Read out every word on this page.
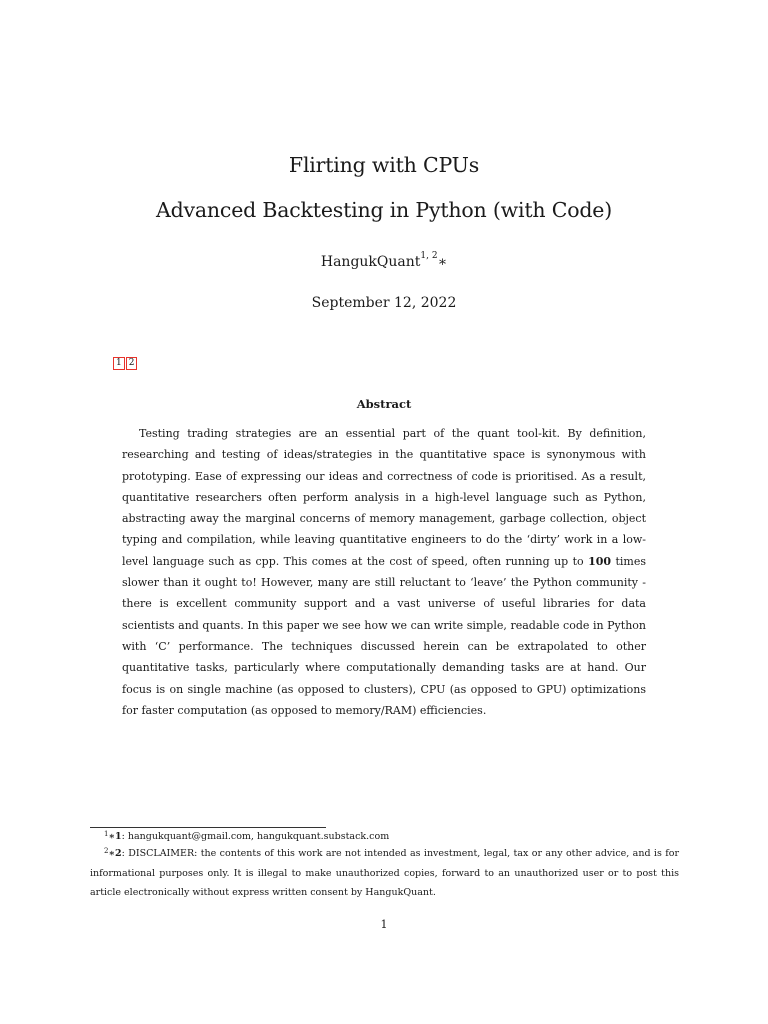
Flirting with CPUs
Advanced Backtesting in Python (with Code)
HangukQuant$^{1, 2}$∗
September 12, 2022
1 2
Abstract
Testing trading strategies are an essential part of the quant tool-kit. By definition, researching and testing of ideas/strategies in the quantitative space is synonymous with prototyping. Ease of expressing our ideas and correctness of code is prioritised. As a result, quantitative researchers often perform analysis in a high-level language such as Python, abstracting away the marginal concerns of memory management, garbage collection, object typing and compilation, while leaving quantitative engineers to do the ‘dirty’ work in a low-level language such as cpp. This comes at the cost of speed, often running up to 100 times slower than it ought to! However, many are still reluctant to ‘leave’ the Python community - there is excellent community support and a vast universe of useful libraries for data scientists and quants. In this paper we see how we can write simple, readable code in Python with ‘C’ performance. The techniques discussed herein can be extrapolated to other quantitative tasks, particularly where computationally demanding tasks are at hand. Our focus is on single machine (as opposed to clusters), CPU (as opposed to GPU) optimizations for faster computation (as opposed to memory/RAM) efficiencies.
$^1$∗1: hangukquant@gmail.com, hangukquant.substack.com
$^2$∗2: DISCLAIMER: the contents of this work are not intended as investment, legal, tax or any other advice, and is for informational purposes only. It is illegal to make unauthorized copies, forward to an unauthorized user or to post this article electronically without express written consent by HangukQuant.
1
